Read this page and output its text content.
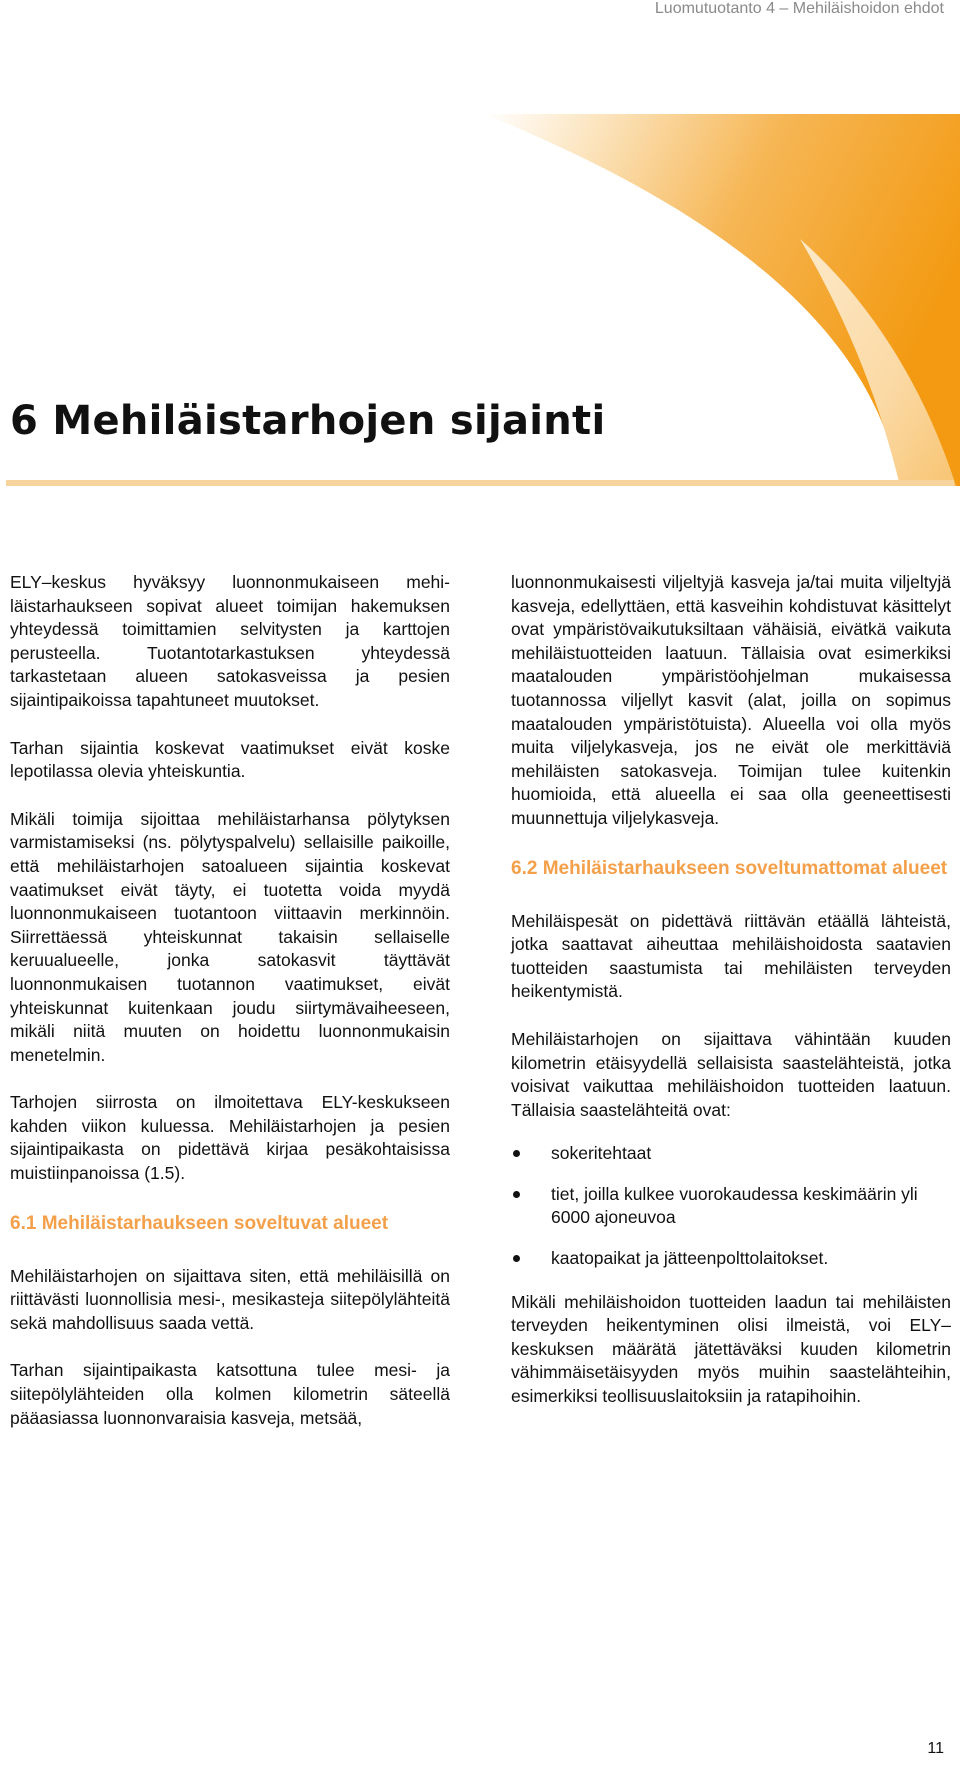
Luomutuotanto 4 – Mehiläishoidon ehdot
6 Mehiläistarhojen sijainti

ELY–keskus hyväksyy luonnonmukaiseen mehiläistarhaukseen sopivat alueet toimijan hakemuksen yhteydessä toimittamien selvitysten ja karttojen perusteella. Tuotantotarkastuksen yhteydessä tarkastetaan alueen satokasveissa ja pesien sijaintipaikoissa tapahtuneet muutokset.

Tarhan sijaintia koskevat vaatimukset eivät koske lepotilassa olevia yhteiskuntia.

Mikäli toimija sijoittaa mehiläistarhansa pölytyksen varmistamiseksi (ns. pölytyspalvelu) sellaisille paikoille, että mehiläistarhojen satoalueen sijaintia koskevat vaatimukset eivät täyty, ei tuotetta voida myydä luonnonmukaiseen tuotantoon viittaavin merkinnöin. Siirrettäessä yhteiskunnat takaisin sellaiselle keruualueelle, jonka satokasvit täyttävät luonnonmukaisen tuotannon vaatimukset, eivät yhteiskunnat kuitenkaan joudu siirtymävaiheeseen, mikäli niitä muuten on hoidettu luonnonmukaisin menetelmin.

Tarhojen siirrosta on ilmoitettava ELY-keskukseen kahden viikon kuluessa. Mehiläistarhojen ja pesien sijaintipaikasta on pidettävä kirjaa pesäkohtaisissa muistiinpanoissa (1.5).

6.1 Mehiläistarhaukseen soveltuvat alueet

Mehiläistarhojen on sijaittava siten, että mehiläisillä on riittävästi luonnollisia mesi-, mesikasteja siitepölylähteitä sekä mahdollisuus saada vettä.

Tarhan sijaintipaikasta katsottuna tulee mesi- ja siitepölylähteiden olla kolmen kilometrin säteellä pääasiassa luonnonvaraisia kasveja, metsää,

luonnonmukaisesti viljeltyjä kasveja ja/tai muita viljeltyjä kasveja, edellyttäen, että kasveihin kohdistuvat käsittelyt ovat ympäristövaikutuksiltaan vähäisiä, eivätkä vaikuta mehiläistuotteiden laatuun. Tällaisia ovat esimerkiksi maatalouden ympäristöohjelman mukaisessa tuotannossa viljellyt kasvit (alat, joilla on sopimus maatalouden ympäristötuista). Alueella voi olla myös muita viljelykasveja, jos ne eivät ole merkittäviä mehiläisten satokasveja. Toimijan tulee kuitenkin huomioida, että alueella ei saa olla geeneettisesti muunnettuja viljelykasveja.

6.2 Mehiläistarhaukseen soveltumattomat alueet

Mehiläispesät on pidettävä riittävän etäällä lähteistä, jotka saattavat aiheuttaa mehiläishoidosta saatavien tuotteiden saastumista tai mehiläisten terveyden heikentymistä.

Mehiläistarhojen on sijaittava vähintään kuuden kilometrin etäisyydellä sellaisista saastelähteistä, jotka voisivat vaikuttaa mehiläishoidon tuotteiden laatuun. Tällaisia saastelähteitä ovat:

sokeritehtaat
tiet, joilla kulkee vuorokaudessa keskimäärin yli 6000 ajoneuvoa
kaatopaikat ja jätteenpolttolaitokset.

Mikäli mehiläishoidon tuotteiden laadun tai mehiläisten terveyden heikentyminen olisi ilmeistä, voi ELY–keskuksen määrätä jätettäväksi kuuden kilometrin vähimmäisetäisyyden myös muihin saastelähteihin, esimerkiksi teollisuuslaitoksiin ja ratapihoihin.

11
